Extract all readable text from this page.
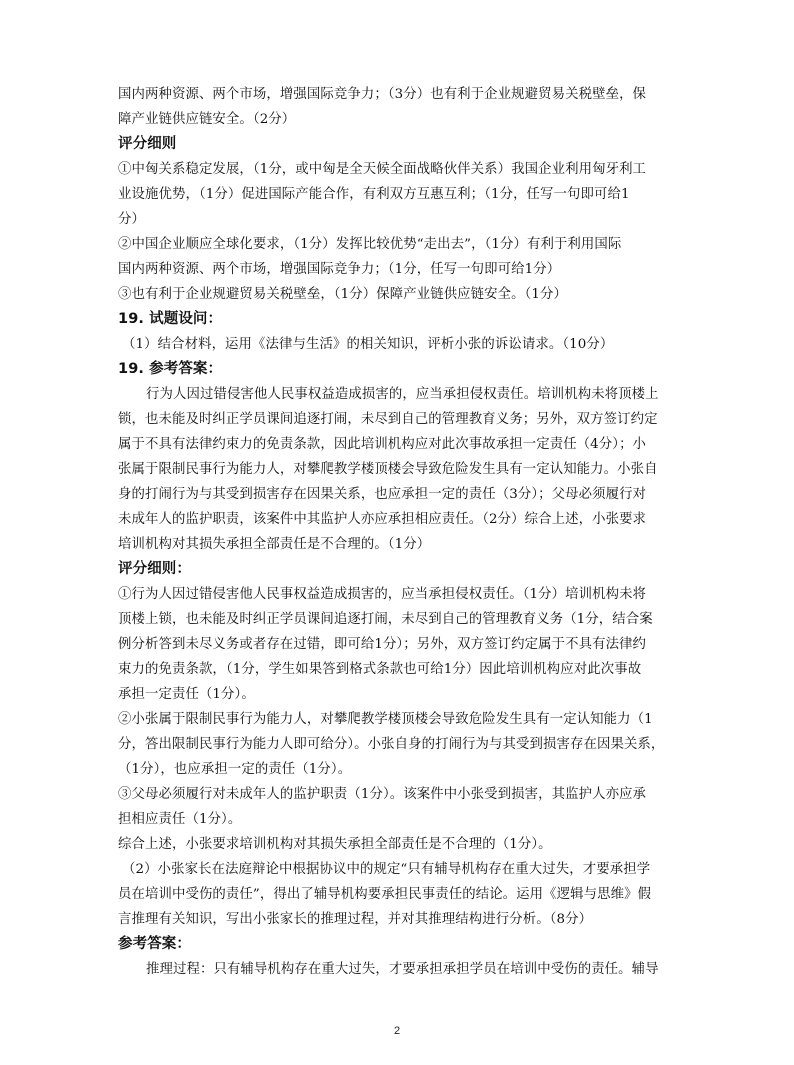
国内两种资源、两个市场，增强国际竞争力；（3分）也有利于企业规避贸易关税壁垒，保
障产业链供应链安全。（2分）
评分细则
①中匈关系稳定发展，（1分，或中匈是全天候全面战略伙伴关系）我国企业利用匈牙利工
业设施优势，（1分）促进国际产能合作，有利双方互惠互利；（1分，任写一句即可给1
分）
②中国企业顺应全球化要求，（1分）发挥比较优势“走出去”，（1分）有利于利用国际
国内两种资源、两个市场，增强国际竞争力；（1分，任写一句即可给1分）
③也有利于企业规避贸易关税壁垒，（1分）保障产业链供应链安全。（1分）
19. 试题设问：
（1）结合材料，运用《法律与生活》的相关知识，评析小张的诉讼请求。（10分）
19. 参考答案：
行为人因过错侵害他人民事权益造成损害的，应当承担侵权责任。培训机构未将顶楼上
锁，也未能及时纠正学员课间追逐打闹，未尽到自己的管理教育义务；另外，双方签订约定
属于不具有法律约束力的免责条款，因此培训机构应对此次事故承担一定责任（4分）；小
张属于限制民事行为能力人，对攀爬教学楼顶楼会导致危险发生具有一定认知能力。小张自
身的打闹行为与其受到损害存在因果关系，也应承担一定的责任（3分）；父母必须履行对
未成年人的监护职责，该案件中其监护人亦应承担相应责任。（2分）综合上述，小张要求
培训机构对其损失承担全部责任是不合理的。（1分）
评分细则：
①行为人因过错侵害他人民事权益造成损害的，应当承担侵权责任。（1分）培训机构未将
顶楼上锁，也未能及时纠正学员课间追逐打闹，未尽到自己的管理教育义务（1分，结合案
例分析答到未尽义务或者存在过错，即可给1分）；另外，双方签订约定属于不具有法律约
束力的免责条款，（1分，学生如果答到格式条款也可给1分）因此培训机构应对此次事故
承担一定责任（1分）。
②小张属于限制民事行为能力人，对攀爬教学楼顶楼会导致危险发生具有一定认知能力（1
分，答出限制民事行为能力人即可给分）。小张自身的打闹行为与其受到损害存在因果关系，
（1分），也应承担一定的责任（1分）。
③父母必须履行对未成年人的监护职责（1分）。该案件中小张受到损害，其监护人亦应承
担相应责任（1分）。
综合上述，小张要求培训机构对其损失承担全部责任是不合理的（1分）。
（2）小张家长在法庭辩论中根据协议中的规定“只有辅导机构存在重大过失，才要承担学
员在培训中受伤的责任”，得出了辅导机构要承担民事责任的结论。运用《逻辑与思维》假
言推理有关知识，写出小张家长的推理过程，并对其推理结构进行分析。（8分）
参考答案：
推理过程：只有辅导机构存在重大过失，才要承担承担学员在培训中受伤的责任。辅导
2
